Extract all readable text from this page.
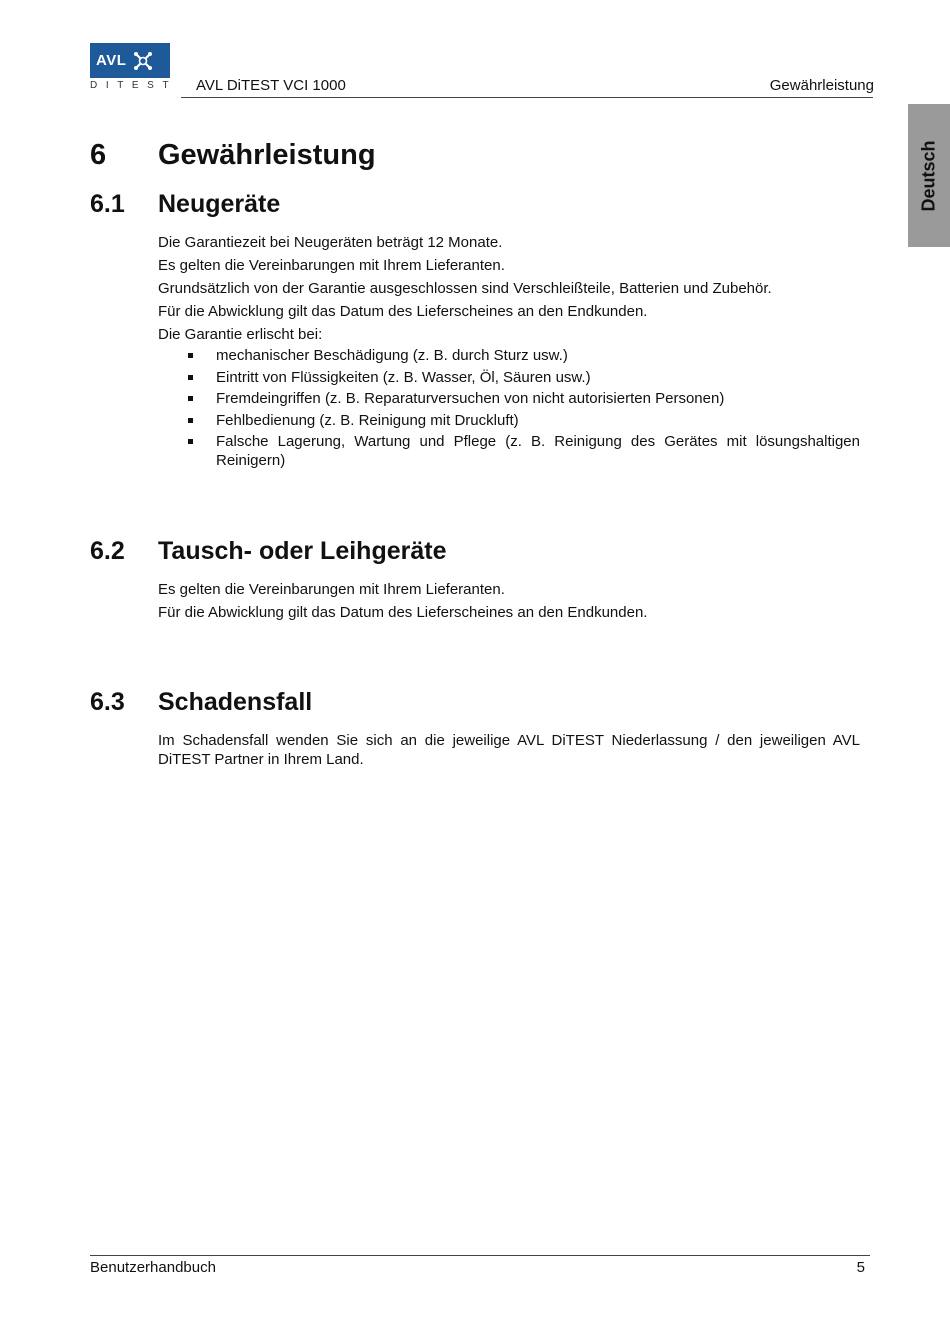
AVL
DITEST AVL DiTEST VCI 1000	Gewährleistung
Deutsch
6 Gewährleistung
6.1 Neugeräte

Die Garantiezeit bei Neugeräten beträgt 12 Monate.

Es gelten die Vereinbarungen mit Ihrem Lieferanten.

Grundsätzlich von der Garantie ausgeschlossen sind Verschleißteile, Batterien und Zubehör.

Für die Abwicklung gilt das Datum des Lieferscheines an den Endkunden.

Die Garantie erlischt bei:

mechanischer Beschädigung (z. B. durch Sturz usw.)
Eintritt von Flüssigkeiten (z. B. Wasser, Öl, Säuren usw.)
Fremdeingriffen (z. B. Reparaturversuchen von nicht autorisierten Personen)
Fehlbedienung (z. B. Reinigung mit Druckluft)
Falsche Lagerung, Wartung und Pflege (z. B. Reinigung des Gerätes mit lösungshaltigen Reinigern)
6.2 Tausch- oder Leihgeräte

Es gelten die Vereinbarungen mit Ihrem Lieferanten.

Für die Abwicklung gilt das Datum des Lieferscheines an den Endkunden.

6.3 Schadensfall

Im Schadensfall wenden Sie sich an die jeweilige AVL DiTEST Niederlassung / den jeweiligen AVL DiTEST Partner in Ihrem Land.

Benutzerhandbuch	5
